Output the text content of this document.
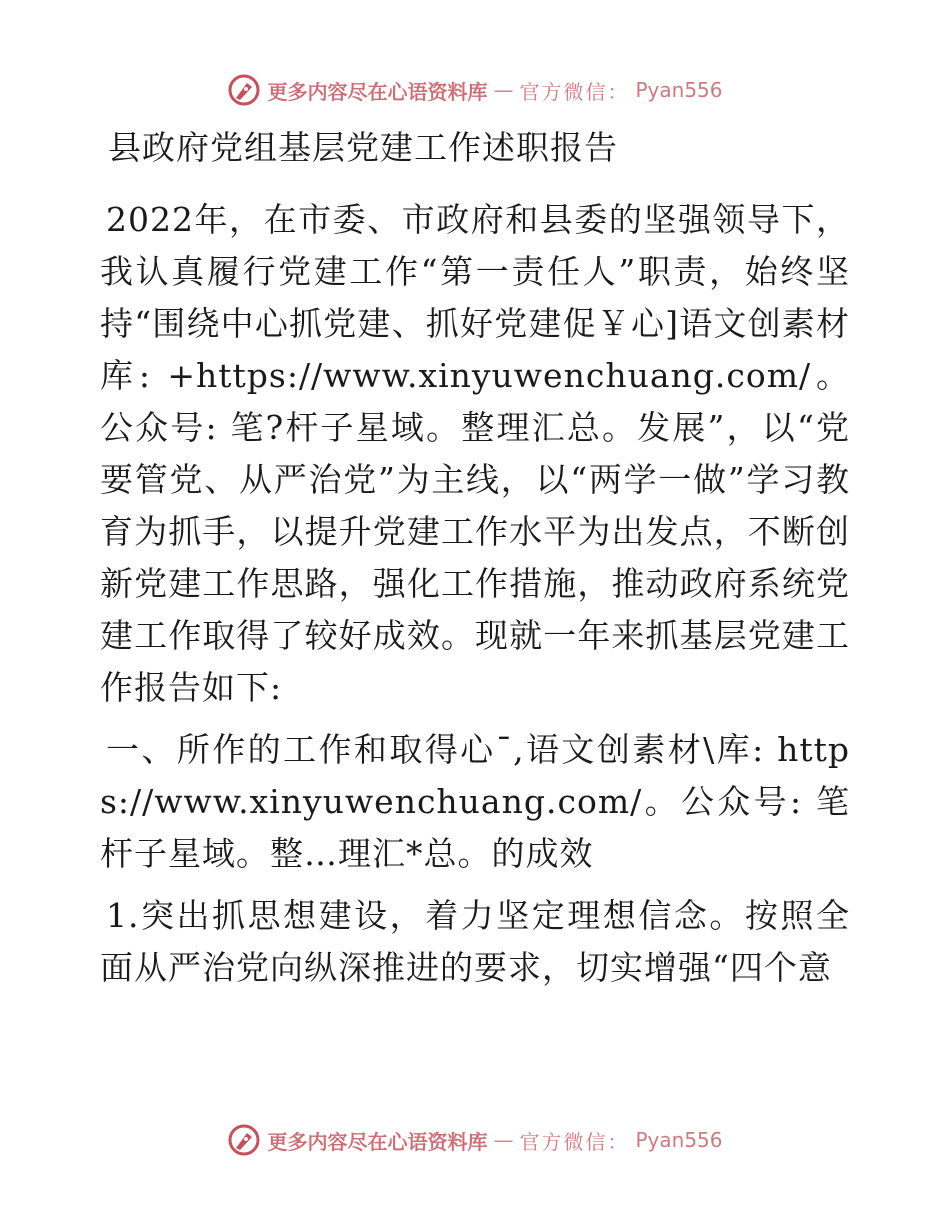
更多内容尽在心语资料库 — 官方微信： Pyan556
县政府党组基层党建工作述职报告

2022年，在市委、市政府和县委的坚强领导下，我认真履行党建工作“第一责任人”职责，始终坚持“围绕中心抓党建、抓好党建促￥心]语文创素材库: +https://www.xinyuwenchuang.com/。公众号: 笔?杆子星域。整理汇总。发展”，以“党要管党、从严治党”为主线，以“两学一做”学习教育为抓手，以提升党建工作水平为出发点，不断创新党建工作思路，强化工作措施，推动政府系统党建工作取得了较好成效。现就一年来抓基层党建工作报告如下:

一、所作的工作和取得心¯,语文创素材\库: https://www.xinyuwenchuang.com/。公众号: 笔杆子星域。整…理汇*总。的成效

1.突出抓思想建设，着力坚定理想信念。按照全面从严治党向纵深推进的要求，切实增强“四个意

更多内容尽在心语资料库 — 官方微信： Pyan556
